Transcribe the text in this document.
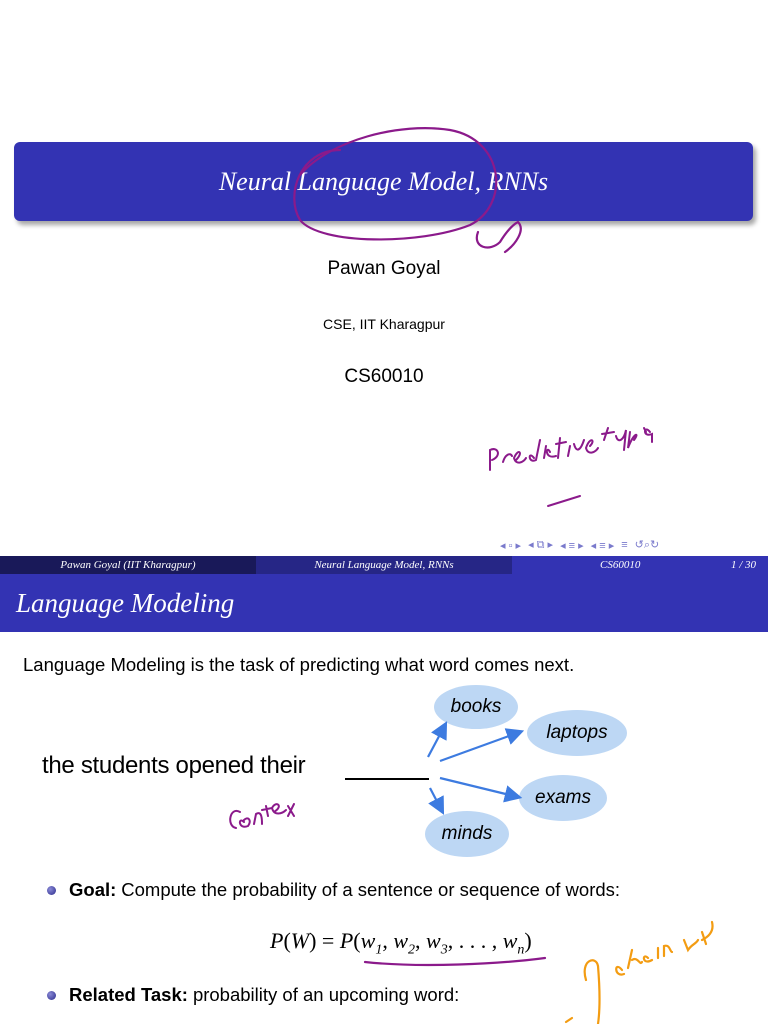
Neural Language Model, RNNs
Pawan Goyal
CSE, IIT Kharagpur
CS60010
◂ ▫ ▸ ◂ ⧉ ▸ ◂ ≡ ▸ ◂ ≡ ▸ ≡ ↺⌕↻
Pawan Goyal (IIT Kharagpur)	Neural Language Model, RNNs	CS60010	1 / 30
Language Modeling
Language Modeling is the task of predicting what word comes next.
the students opened their
books
laptops
exams
minds
Goal: Compute the probability of a sentence or sequence of words:
$P(W) = P(w_1$, $w_2$, $w_3$, . . . , $w_n$)
Related Task: probability of an upcoming word:
